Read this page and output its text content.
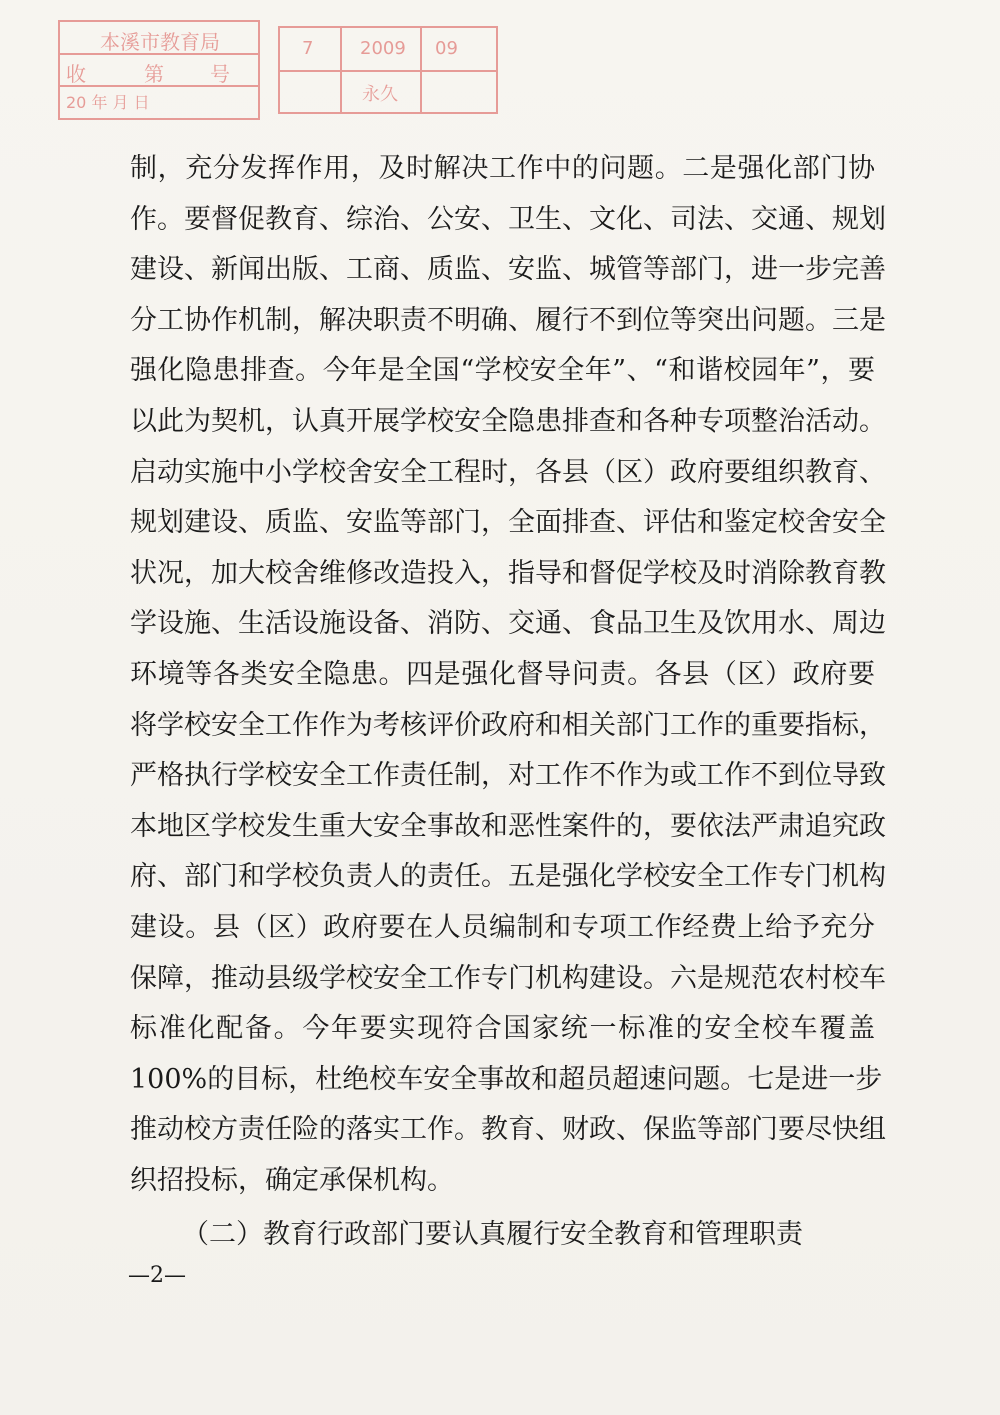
本溪市教育局
收	第 号
20 年 月 日
09
2009
7
永久
制，充分发挥作用，及时解决工作中的问题。二是强化部门协
作。要督促教育、综治、公安、卫生、文化、司法、交通、规划
建设、新闻出版、工商、质监、安监、城管等部门，进一步完善
分工协作机制，解决职责不明确、履行不到位等突出问题。三是
强化隐患排查。今年是全国“学校安全年”、“和谐校园年”，要
以此为契机，认真开展学校安全隐患排查和各种专项整治活动。
启动实施中小学校舍安全工程时，各县（区）政府要组织教育、
规划建设、质监、安监等部门，全面排查、评估和鉴定校舍安全
状况，加大校舍维修改造投入，指导和督促学校及时消除教育教
学设施、生活设施设备、消防、交通、食品卫生及饮用水、周边
环境等各类安全隐患。四是强化督导问责。各县（区）政府要
将学校安全工作作为考核评价政府和相关部门工作的重要指标，
严格执行学校安全工作责任制，对工作不作为或工作不到位导致
本地区学校发生重大安全事故和恶性案件的，要依法严肃追究政
府、部门和学校负责人的责任。五是强化学校安全工作专门机构
建设。县（区）政府要在人员编制和专项工作经费上给予充分
保障，推动县级学校安全工作专门机构建设。六是规范农村校车
标准化配备。今年要实现符合国家统一标准的安全校车覆盖
100%的目标，杜绝校车安全事故和超员超速问题。七是进一步
推动校方责任险的落实工作。教育、财政、保监等部门要尽快组
织招投标，确定承保机构。
（二）教育行政部门要认真履行安全教育和管理职责
—2—
